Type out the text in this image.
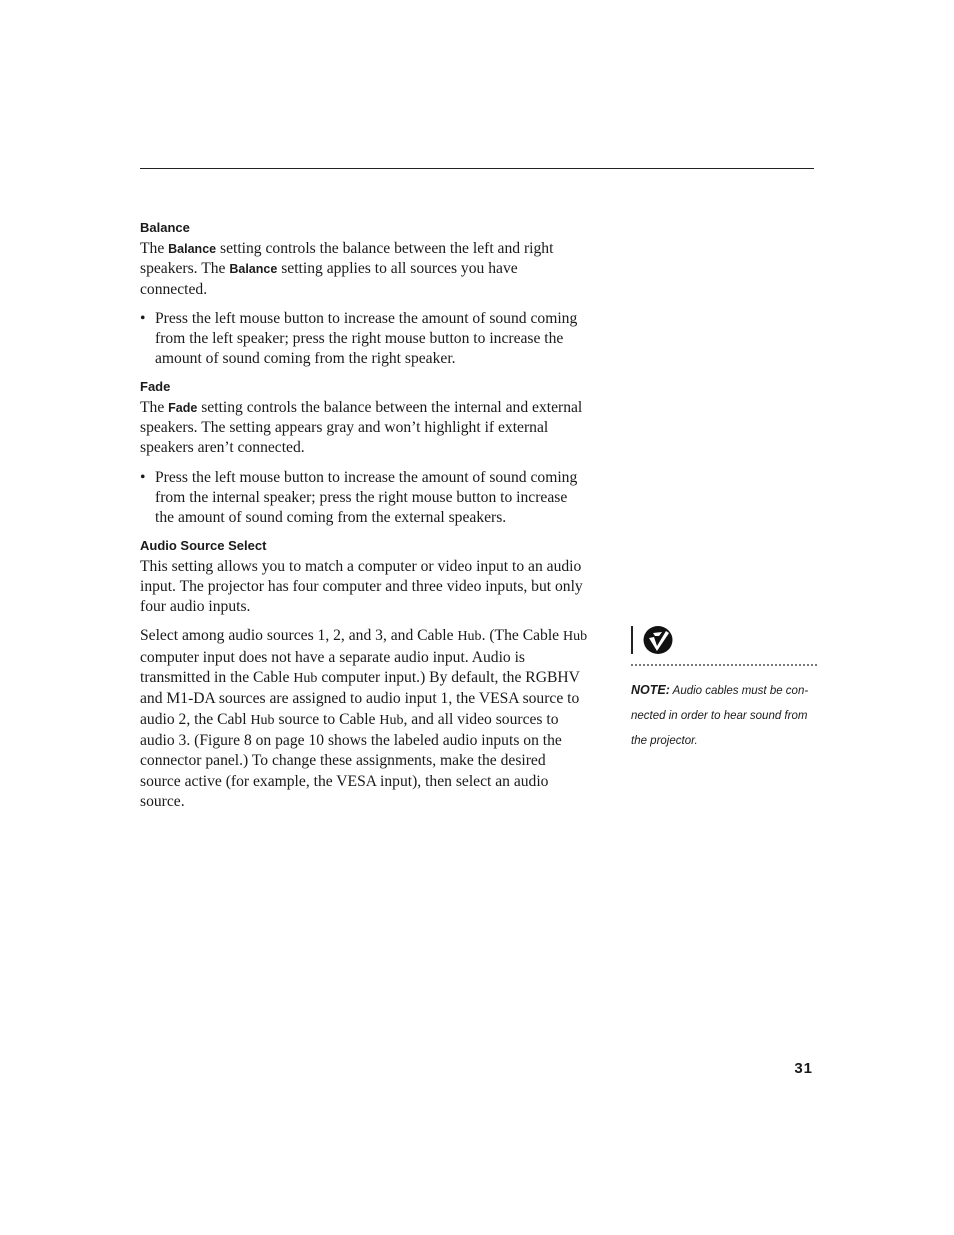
Balance

The Balance setting controls the balance between the left and right speakers. The Balance setting applies to all sources you have connected.

• Press the left mouse button to increase the amount of sound coming from the left speaker; press the right mouse button to increase the amount of sound coming from the right speaker.
Fade

The Fade setting controls the balance between the internal and external speakers. The setting appears gray and won’t highlight if external speakers aren’t connected.

• Press the left mouse button to increase the amount of sound coming from the internal speaker; press the right mouse button to increase the amount of sound coming from the external speakers.
Audio Source Select

This setting allows you to match a computer or video input to an audio input. The projector has four computer and three video inputs, but only four audio inputs.

Select among audio sources 1, 2, and 3, and Cable Hub. (The Cable Hub computer input does not have a separate audio input. Audio is transmitted in the Cable Hub computer input.) By default, the RGBHV and M1-DA sources are assigned to audio input 1, the VESA source to audio 2, the Cabl Hub source to Cable Hub, and all video sources to audio 3. (Figure 8 on page 10 shows the labeled audio inputs on the connector panel.) To change these assignments, make the desired source active (for example, the VESA input), then select an audio source.

NOTE: Audio cables must be con-nected in order to hear sound from the projector.
31
